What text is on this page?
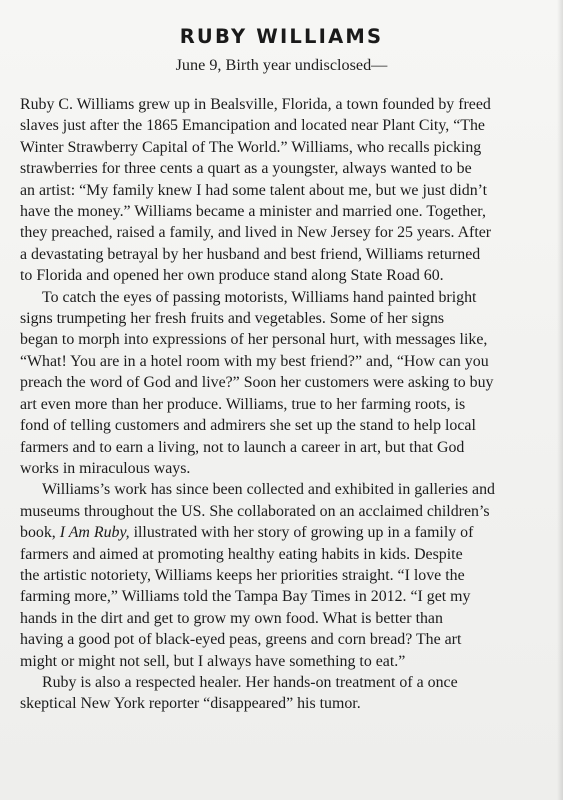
RUBY WILLIAMS
June 9, Birth year undisclosed—

Ruby C. Williams grew up in Bealsville, Florida, a town founded by freed
slaves just after the 1865 Emancipation and located near Plant City, “The
Winter Strawberry Capital of The World.” Williams, who recalls picking
strawberries for three cents a quart as a youngster, always wanted to be
an artist: “My family knew I had some talent about me, but we just didn’t
have the money.” Williams became a minister and married one. Together,
they preached, raised a family, and lived in New Jersey for 25 years. After
a devastating betrayal by her husband and best friend, Williams returned
to Florida and opened her own produce stand along State Road 60.

To catch the eyes of passing motorists, Williams hand painted bright
signs trumpeting her fresh fruits and vegetables. Some of her signs
began to morph into expressions of her personal hurt, with messages like,
“What! You are in a hotel room with my best friend?” and, “How can you
preach the word of God and live?” Soon her customers were asking to buy
art even more than her produce. Williams, true to her farming roots, is
fond of telling customers and admirers she set up the stand to help local
farmers and to earn a living, not to launch a career in art, but that God
works in miraculous ways.

Williams’s work has since been collected and exhibited in galleries and
museums throughout the US. She collaborated on an acclaimed children’s
book, I Am Ruby, illustrated with her story of growing up in a family of
farmers and aimed at promoting healthy eating habits in kids. Despite
the artistic notoriety, Williams keeps her priorities straight. “I love the
farming more,” Williams told the Tampa Bay Times in 2012. “I get my
hands in the dirt and get to grow my own food. What is better than
having a good pot of black-eyed peas, greens and corn bread? The art
might or might not sell, but I always have something to eat.”

Ruby is also a respected healer. Her hands-on treatment of a once
skeptical New York reporter “disappeared” his tumor.
